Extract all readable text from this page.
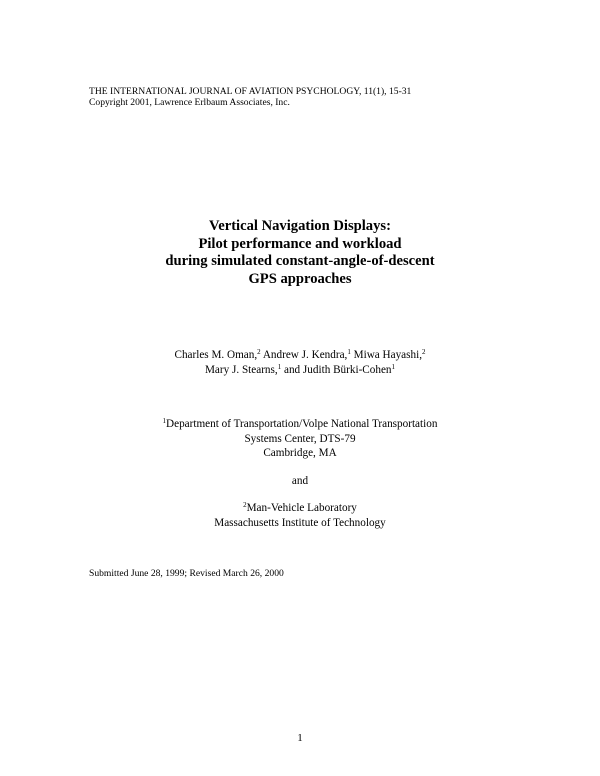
THE INTERNATIONAL JOURNAL OF AVIATION PSYCHOLOGY, 11(1), 15-31
Copyright 2001, Lawrence Erlbaum Associates, Inc.
Vertical Navigation Displays:
Pilot performance and workload
during simulated constant-angle-of-descent
GPS approaches
Charles M. Oman,$^2$ Andrew J. Kendra,$^1$ Miwa Hayashi,$^2$
Mary J. Stearns,$^1$ and Judith Bürki-Cohen$^1$
$^1$Department of Transportation/Volpe National Transportation
Systems Center, DTS-79
Cambridge, MA
and
$^2$Man-Vehicle Laboratory
Massachusetts Institute of Technology
Submitted June 28, 1999; Revised March 26, 2000
1
